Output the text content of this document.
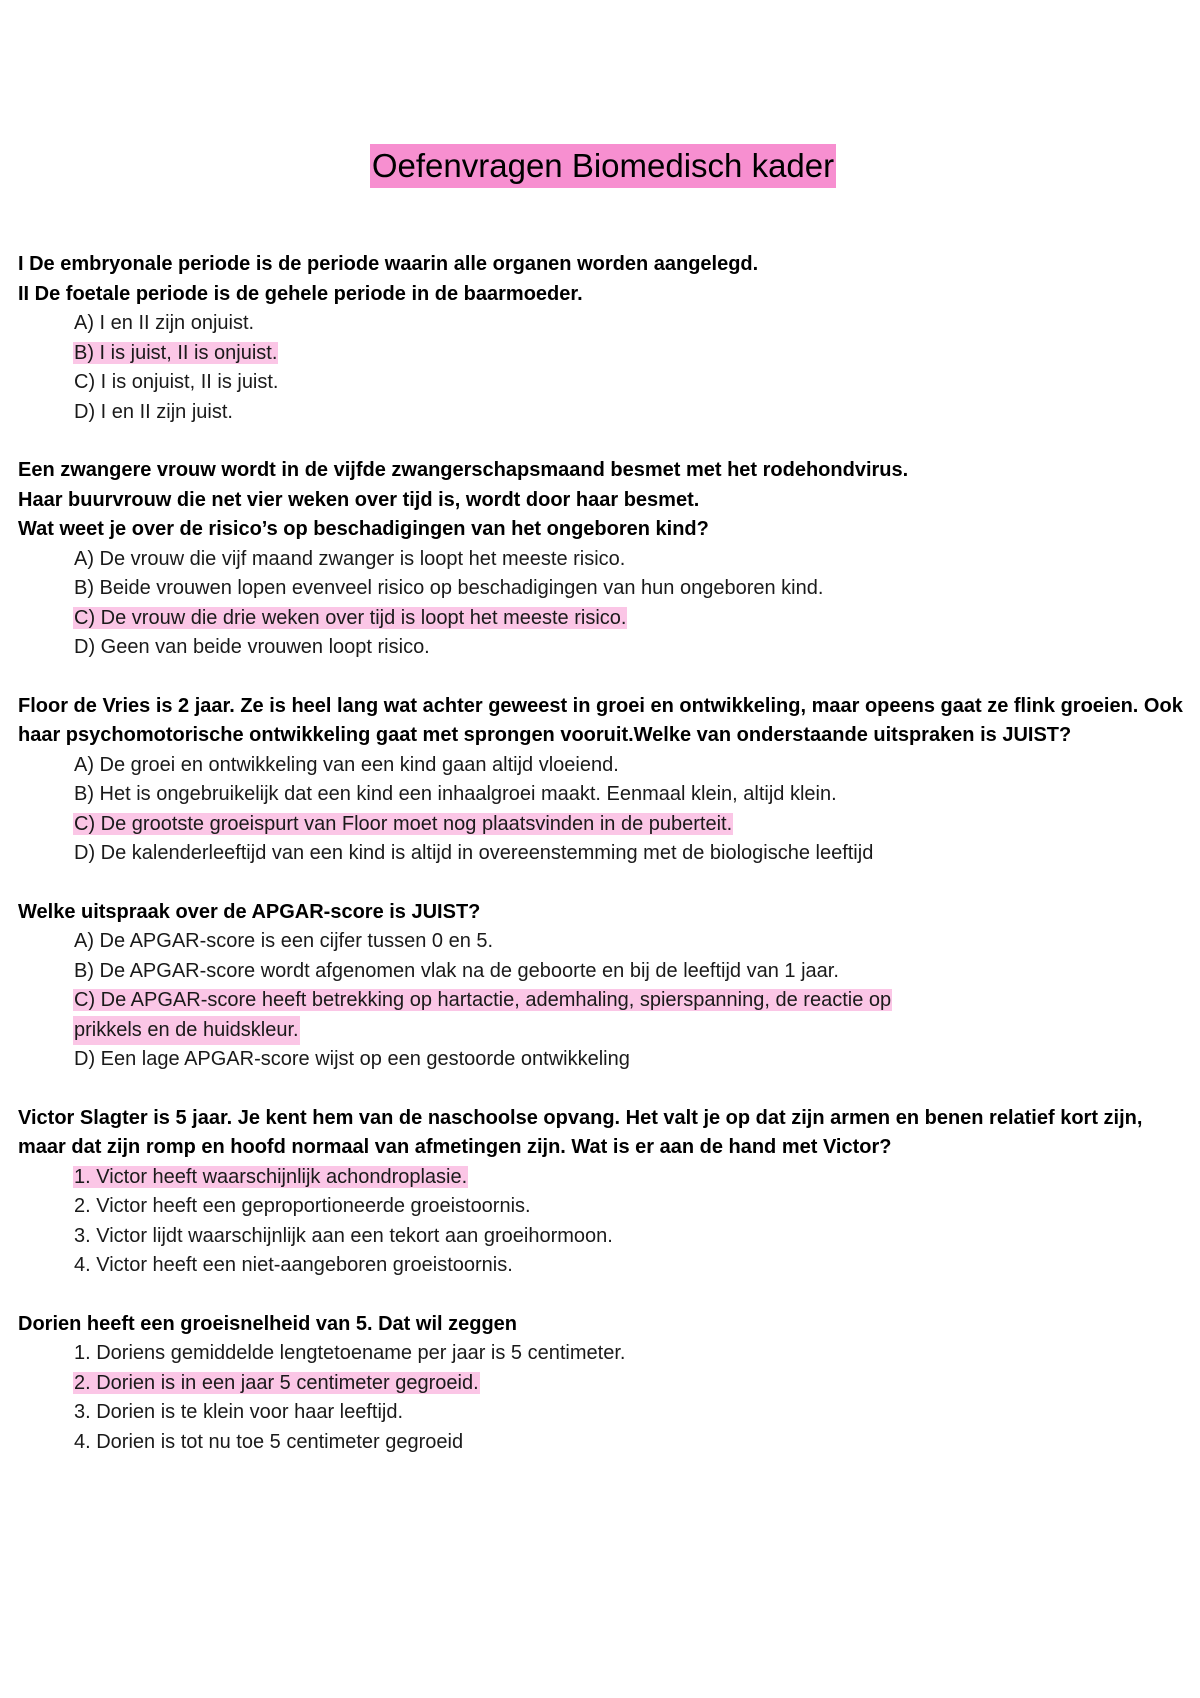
Oefenvragen Biomedisch kader
I De embryonale periode is de periode waarin alle organen worden aangelegd.
II De foetale periode is de gehele periode in de baarmoeder.
A) I en II zijn onjuist.
B) I is juist, II is onjuist.
C) I is onjuist, II is juist.
D) I en II zijn juist.
Een zwangere vrouw wordt in de vijfde zwangerschapsmaand besmet met het rodehondvirus.
Haar buurvrouw die net vier weken over tijd is, wordt door haar besmet.
Wat weet je over de risico’s op beschadigingen van het ongeboren kind?
A) De vrouw die vijf maand zwanger is loopt het meeste risico.
B) Beide vrouwen lopen evenveel risico op beschadigingen van hun ongeboren kind.
C) De vrouw die drie weken over tijd is loopt het meeste risico.
D) Geen van beide vrouwen loopt risico.
Floor de Vries is 2 jaar. Ze is heel lang wat achter geweest in groei en ontwikkeling, maar opeens gaat ze flink groeien. Ook haar psychomotorische ontwikkeling gaat met sprongen vooruit.Welke van onderstaande uitspraken is JUIST?
A) De groei en ontwikkeling van een kind gaan altijd vloeiend.
B) Het is ongebruikelijk dat een kind een inhaalgroei maakt. Eenmaal klein, altijd klein.
C) De grootste groeispurt van Floor moet nog plaatsvinden in de puberteit.
D) De kalenderleeftijd van een kind is altijd in overeenstemming met de biologische leeftijd
Welke uitspraak over de APGAR-score is JUIST?
A) De APGAR-score is een cijfer tussen 0 en 5.
B) De APGAR-score wordt afgenomen vlak na de geboorte en bij de leeftijd van 1 jaar.
C) De APGAR-score heeft betrekking op hartactie, ademhaling, spierspanning, de reactie op
prikkels en de huidskleur.
D) Een lage APGAR-score wijst op een gestoorde ontwikkeling
Victor Slagter is 5 jaar. Je kent hem van de naschoolse opvang. Het valt je op dat zijn armen en benen relatief kort zijn, maar dat zijn romp en hoofd normaal van afmetingen zijn. Wat is er aan de hand met Victor?
1. Victor heeft waarschijnlijk achondroplasie.
2. Victor heeft een geproportioneerde groeistoornis.
3. Victor lijdt waarschijnlijk aan een tekort aan groeihormoon.
4. Victor heeft een niet-aangeboren groeistoornis.
Dorien heeft een groeisnelheid van 5. Dat wil zeggen
1. Doriens gemiddelde lengtetoename per jaar is 5 centimeter.
2. Dorien is in een jaar 5 centimeter gegroeid.
3. Dorien is te klein voor haar leeftijd.
4. Dorien is tot nu toe 5 centimeter gegroeid
